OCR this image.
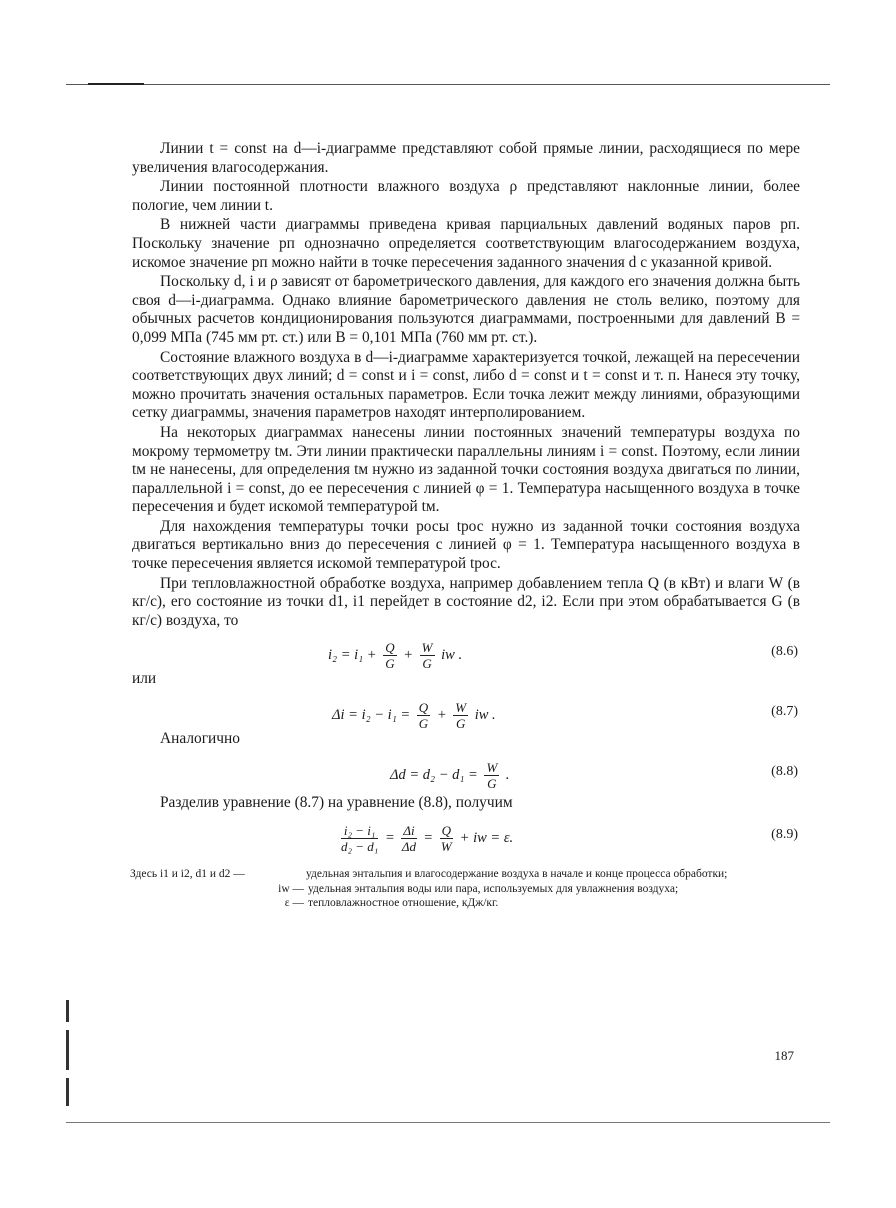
Линии t = const на d—i-диаграмме представляют собой прямые линии, расходящиеся по мере увеличения влагосодержания.

Линии постоянной плотности влажного воздуха ρ представляют наклонные линии, более пологие, чем линии t.

В нижней части диаграммы приведена кривая парциальных давлений водяных паров pп. Поскольку значение pп однозначно определяется соответствующим влагосодержанием воздуха, искомое значение pп можно найти в точке пересечения заданного значения d с указанной кривой.

Поскольку d, i и ρ зависят от барометрического давления, для каждого его значения должна быть своя d—i-диаграмма. Однако влияние барометрического давления не столь велико, поэтому для обычных расчетов кондиционирования пользуются диаграммами, построенными для давлений B = 0,099 МПа (745 мм рт. ст.) или B = 0,101 МПа (760 мм рт. ст.).

Состояние влажного воздуха в d—i-диаграмме характеризуется точкой, лежащей на пересечении соответствующих двух линий; d = const и i = const, либо d = const и t = const и т. п. Нанеся эту точку, можно прочитать значения остальных параметров. Если точка лежит между линиями, образующими сетку диаграммы, значения параметров находят интерполированием.

На некоторых диаграммах нанесены линии постоянных значений температуры воздуха по мокрому термометру tм. Эти линии практически параллельны линиям i = const. Поэтому, если линии tм не нанесены, для определения tм нужно из заданной точки состояния воздуха двигаться по линии, параллельной i = const, до ее пересечения с линией φ = 1. Температура насыщенного воздуха в точке пересечения и будет искомой температурой tм.

Для нахождения температуры точки росы tрос нужно из заданной точки состояния воздуха двигаться вертикально вниз до пересечения с линией φ = 1. Температура насыщенного воздуха в точке пересечения является искомой температурой tрос.

При тепловлажностной обработке воздуха, например добавлением тепла Q (в кВт) и влаги W (в кг/с), его состояние из точки d1, i1 перейдет в состояние d2, i2. Если при этом обрабатывается G (в кг/с) воздуха, то

$i_2 = i_1 + \frac{Q}{G} + \frac{W}{G}$ iw .	(8.6)
или
$\Delta i = i_2 - i_1 = \frac{Q}{G} + \frac{W}{G}$ iw .	(8.7)
Аналогично
$\Delta d = d_2 - d_1 = \frac{W}{G}$ .	(8.8)

Разделив уравнение (8.7) на уравнение (8.8), получим

$\frac{\text{i₂ − i₁}}{\text{d₂ − d₁}} = \frac{\Delta i}{\Delta d} = \frac{Q}{W}$ + iw = ε.	(8.9)
Здесь i1 и i2, d1 и d2 —	удельная энтальпия и влагосодержание воздуха в начале и конце процесса обработки;
iw — удельная энтальпия воды или пара, используемых для увлажнения воздуха;
ε — тепловлажностное отношение, кДж/кг.
187
